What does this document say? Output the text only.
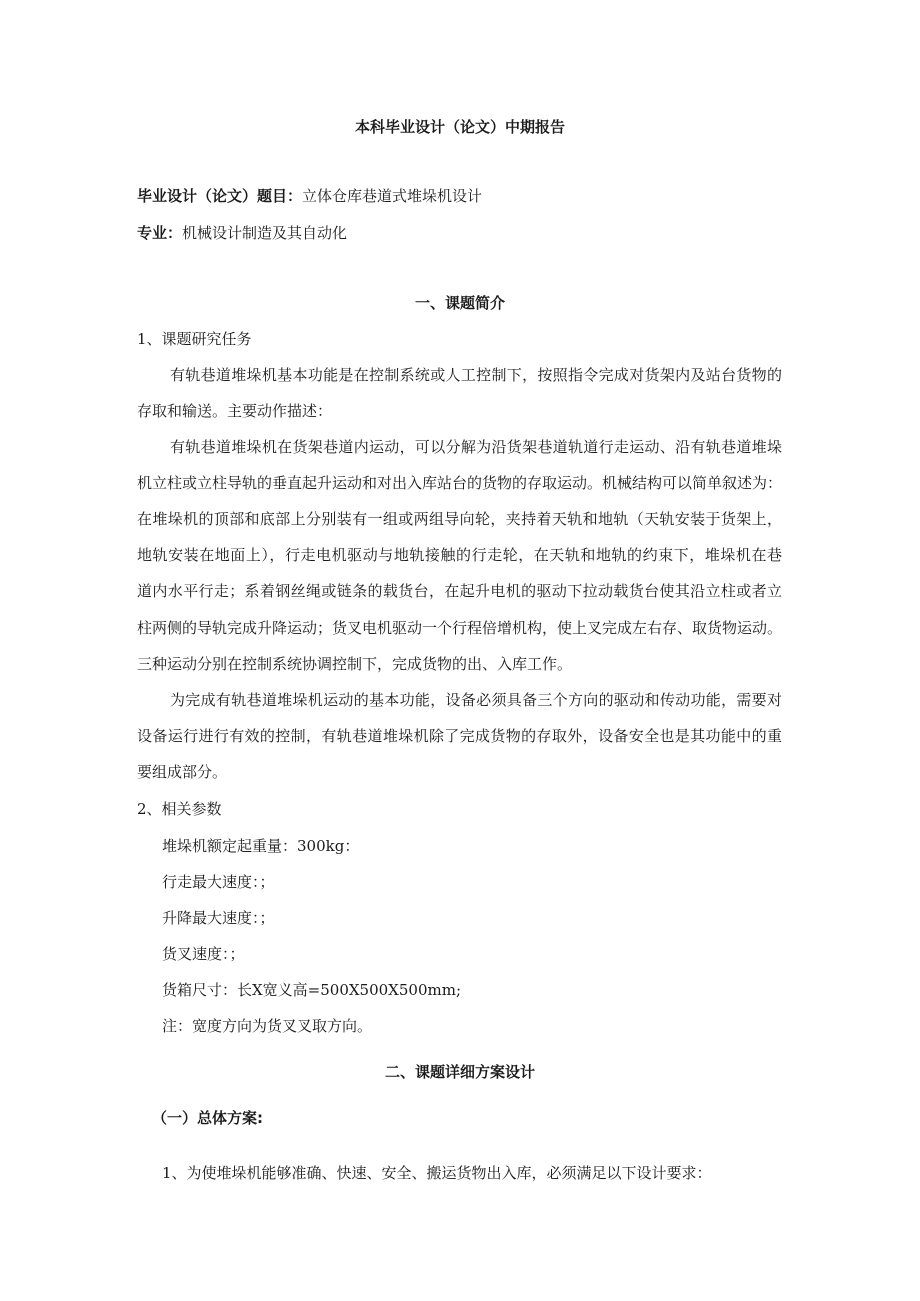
本科毕业设计（论文）中期报告
毕业设计（论文）题目：立体仓库巷道式堆垛机设计
专业：机械设计制造及其自动化
一、课题简介
1、课题研究任务
有轨巷道堆垛机基本功能是在控制系统或人工控制下，按照指令完成对货架内及站台货物的
存取和输送。主要动作描述：
有轨巷道堆垛机在货架巷道内运动，可以分解为沿货架巷道轨道行走运动、沿有轨巷道堆垛
机立柱或立柱导轨的垂直起升运动和对出入库站台的货物的存取运动。机械结构可以简单叙述为：
在堆垛机的顶部和底部上分别装有一组或两组导向轮，夹持着天轨和地轨（天轨安装于货架上，
地轨安装在地面上），行走电机驱动与地轨接触的行走轮，在天轨和地轨的约束下，堆垛机在巷
道内水平行走；系着钢丝绳或链条的载货台，在起升电机的驱动下拉动载货台使其沿立柱或者立
柱两侧的导轨完成升降运动；货叉电机驱动一个行程倍增机构，使上叉完成左右存、取货物运动。
三种运动分别在控制系统协调控制下，完成货物的出、入库工作。
为完成有轨巷道堆垛机运动的基本功能，设备必须具备三个方向的驱动和传动功能，需要对
设备运行进行有效的控制，有轨巷道堆垛机除了完成货物的存取外，设备安全也是其功能中的重
要组成部分。
2、相关参数
堆垛机额定起重量：300kg：
行走最大速度：；
升降最大速度：；
货叉速度：；
货箱尺寸：长X宽义高=500X500X500mm;
注：宽度方向为货叉叉取方向。
二、课题详细方案设计
（一）总体方案:
1、为使堆垛机能够准确、快速、安全、搬运货物出入库，必须满足以下设计要求：
